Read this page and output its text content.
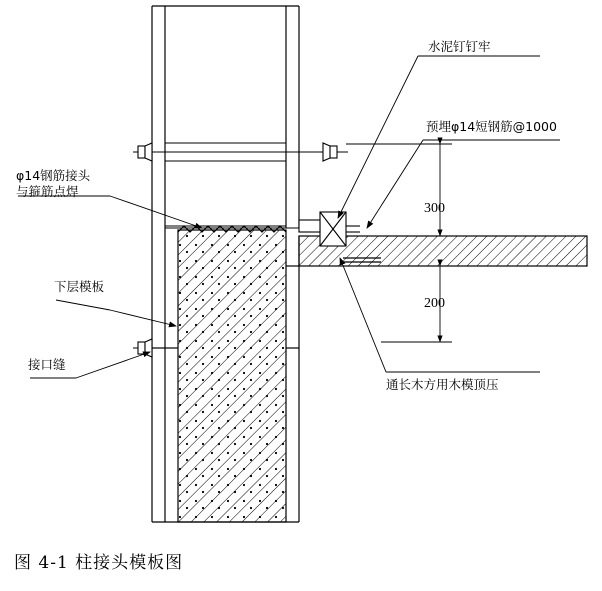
水泥钉钉牢
预埋φ14短钢筋@1000
φ14钢筋接头
与箍筋点焊
下层模板
接口缝
通长木方用木模顶压
300
200
图 4-1 柱接头模板图
